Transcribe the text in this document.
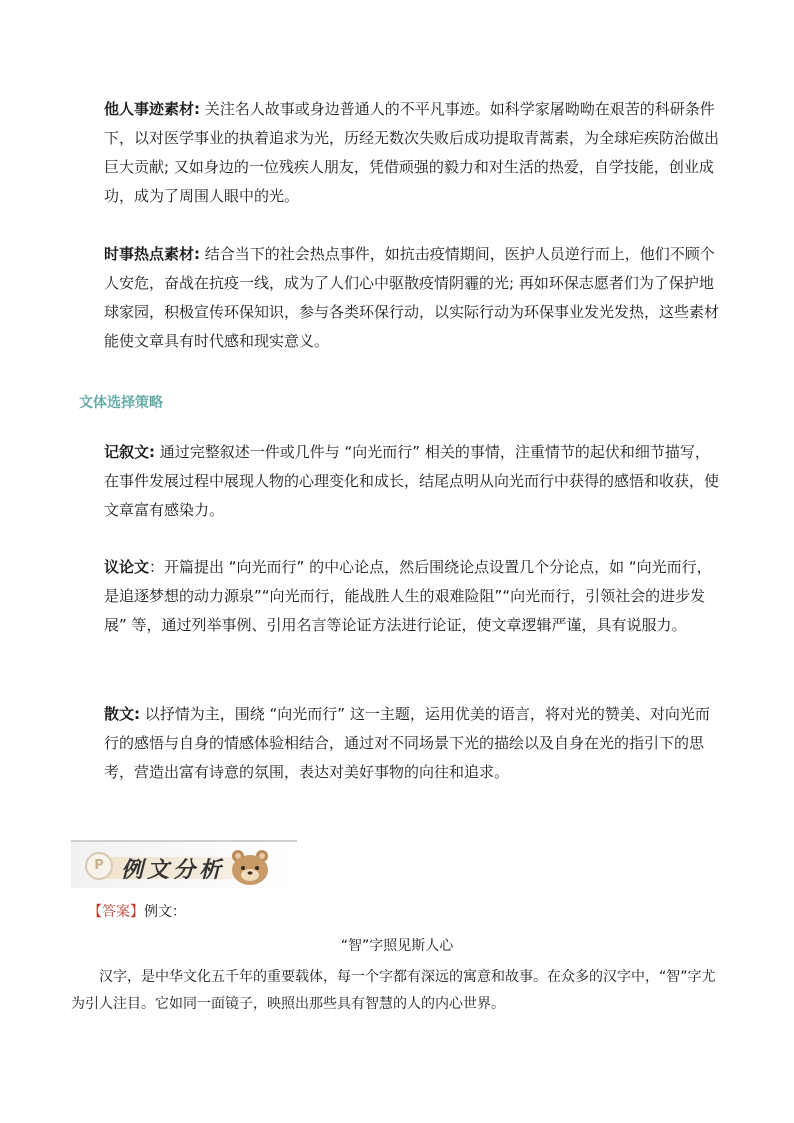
他人事迹素材: 关注名人故事或身边普通人的不平凡事迹。如科学家屠呦呦在艰苦的科研条件下，以对医学事业的执着追求为光，历经无数次失败后成功提取青蒿素，为全球疟疾防治做出巨大贡献; 又如身边的一位残疾人朋友，凭借顽强的毅力和对生活的热爱，自学技能，创业成功，成为了周围人眼中的光。
时事热点素材: 结合当下的社会热点事件，如抗击疫情期间，医护人员逆行而上，他们不顾个人安危，奋战在抗疫一线，成为了人们心中驱散疫情阴霾的光; 再如环保志愿者们为了保护地球家园，积极宣传环保知识，参与各类环保行动，以实际行动为环保事业发光发热，这些素材能使文章具有时代感和现实意义。
文体选择策略
记叙文: 通过完整叙述一件或几件与 “向光而行” 相关的事情，注重情节的起伏和细节描写，在事件发展过程中展现人物的心理变化和成长，结尾点明从向光而行中获得的感悟和收获，使文章富有感染力。
议论文：开篇提出 “向光而行” 的中心论点，然后围绕论点设置几个分论点，如 “向光而行，是追逐梦想的动力源泉”“向光而行，能战胜人生的艰难险阻”“向光而行，引领社会的进步发展” 等，通过列举事例、引用名言等论证方法进行论证，使文章逻辑严谨，具有说服力。
散文: 以抒情为主，围绕 “向光而行” 这一主题，运用优美的语言，将对光的赞美、对向光而行的感悟与自身的情感体验相结合，通过对不同场景下光的描绘以及自身在光的指引下的思考，营造出富有诗意的氛围，表达对美好事物的向往和追求。
P 例文分析
【答案】例文：
“智”字照见斯人心
汉字，是中华文化五千年的重要载体，每一个字都有深远的寓意和故事。在众多的汉字中，“智”字尤为引人注目。它如同一面镜子，映照出那些具有智慧的人的内心世界。
